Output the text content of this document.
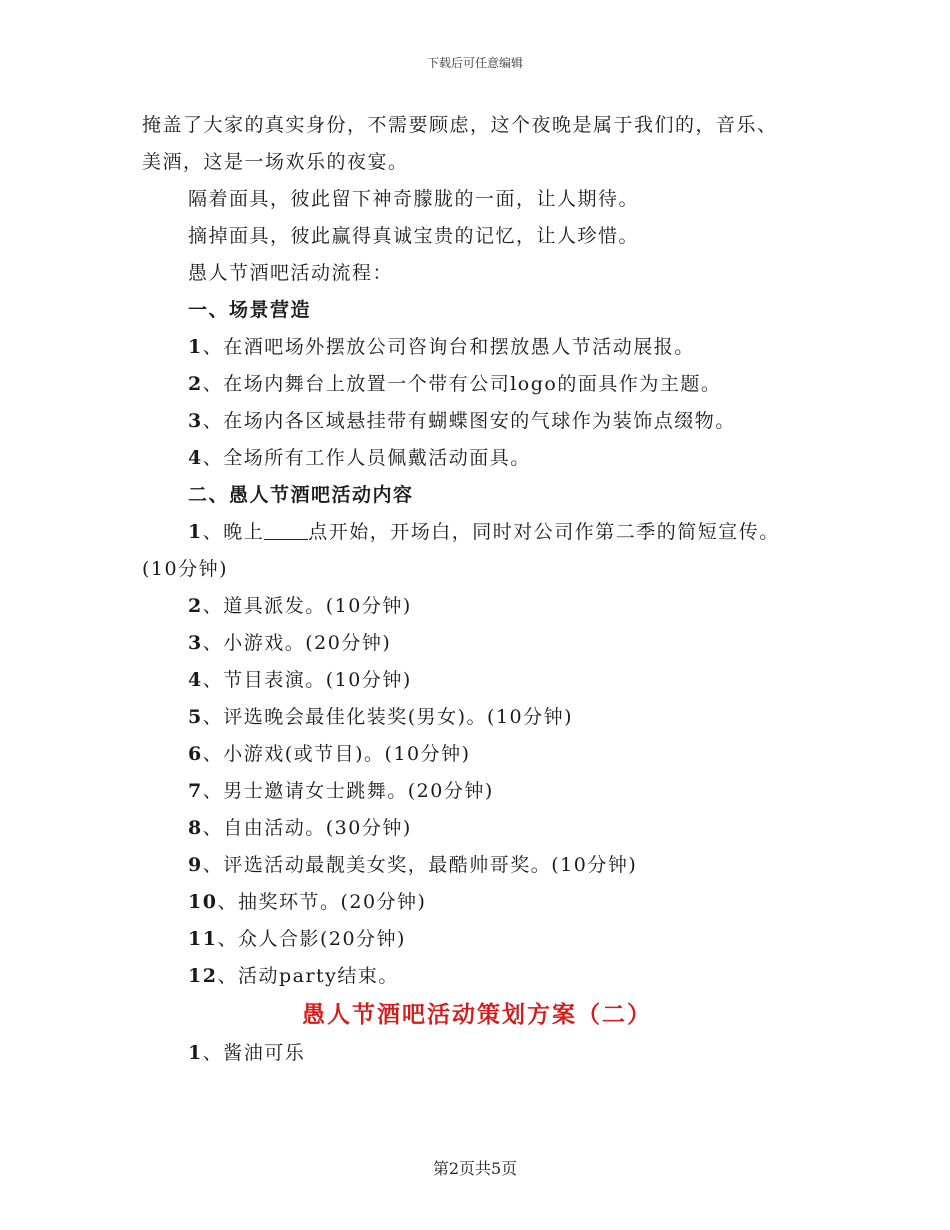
下载后可任意编辑
掩盖了大家的真实身份，不需要顾虑，这个夜晚是属于我们的，音乐、
美酒，这是一场欢乐的夜宴。
隔着面具，彼此留下神奇朦胧的一面，让人期待。
摘掉面具，彼此赢得真诚宝贵的记忆，让人珍惜。
愚人节酒吧活动流程：
一、场景营造
1、在酒吧场外摆放公司咨询台和摆放愚人节活动展报。
2、在场内舞台上放置一个带有公司logo的面具作为主题。
3、在场内各区域悬挂带有蝴蝶图安的气球作为装饰点缀物。
4、全场所有工作人员佩戴活动面具。
二、愚人节酒吧活动内容
1、晚上 点开始，开场白，同时对公司作第二季的简短宣传。
(10分钟)
2、道具派发。(10分钟)
3、小游戏。(20分钟)
4、节目表演。(10分钟)
5、评选晚会最佳化装奖(男女)。(10分钟)
6、小游戏(或节目)。(10分钟)
7、男士邀请女士跳舞。(20分钟)
8、自由活动。(30分钟)
9、评选活动最靓美女奖，最酷帅哥奖。(10分钟)
10、抽奖环节。(20分钟)
11、众人合影(20分钟)
12、活动party结束。
愚人节酒吧活动策划方案（二）
1、酱油可乐
第2页共5页
